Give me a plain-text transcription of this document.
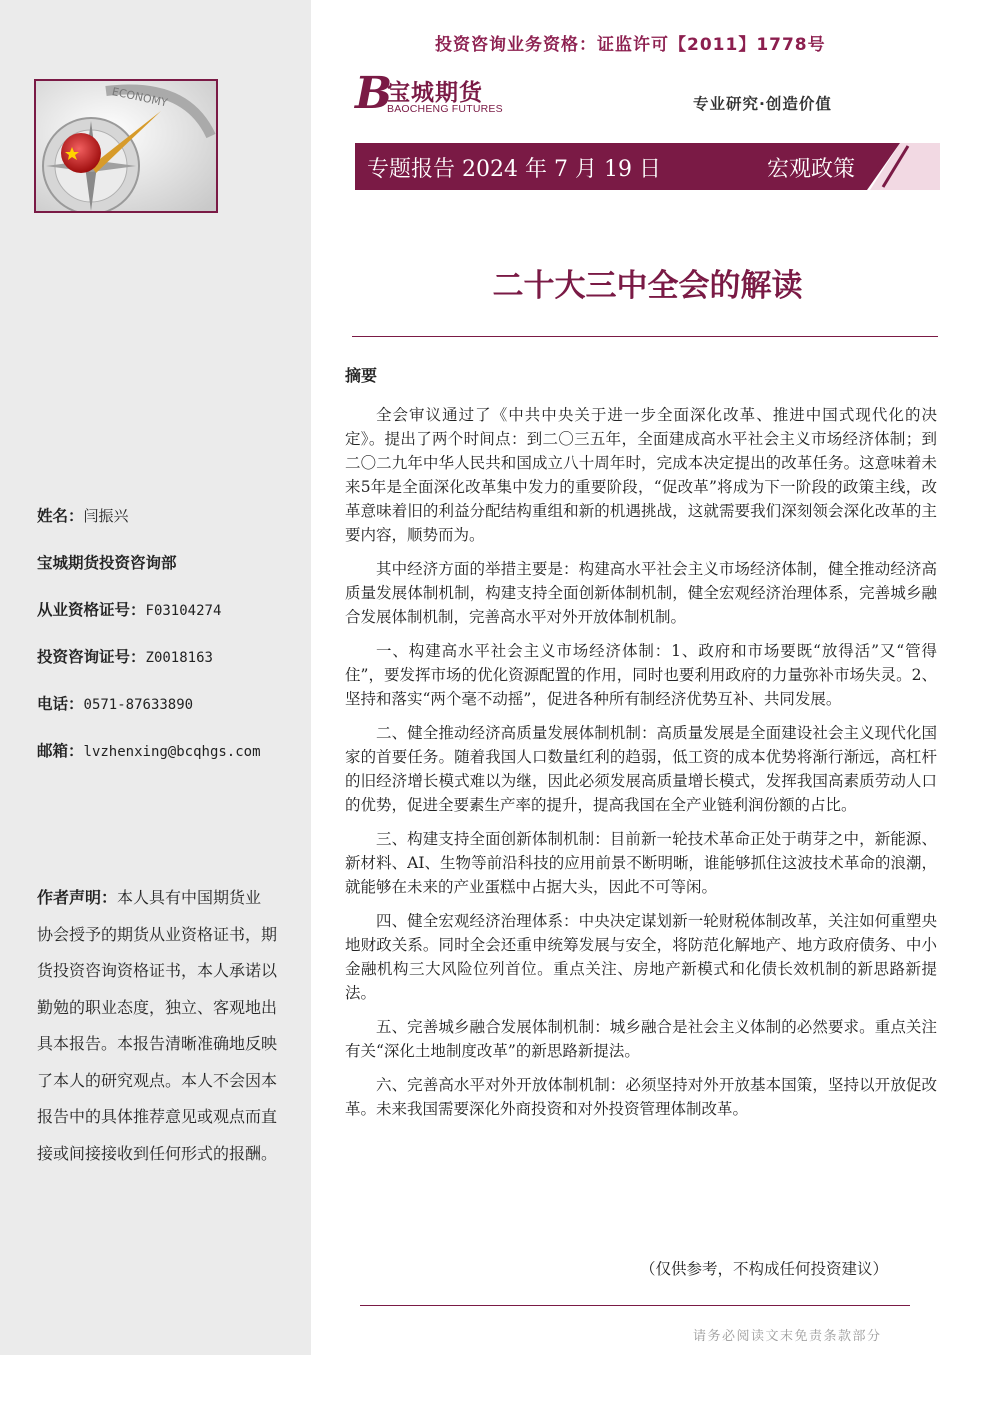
ECONOMY
姓名：闫振兴
宝城期货投资咨询部
从业资格证号：F03104274
投资咨询证号：Z0018163
电话：0571-87633890
邮箱：lvzhenxing@bcqhgs.com
作者声明：本人具有中国期货业协会授予的期货从业资格证书，期货投资咨询资格证书，本人承诺以勤勉的职业态度，独立、客观地出具本报告。本报告清晰准确地反映了本人的研究观点。本人不会因本报告中的具体推荐意见或观点而直接或间接接收到任何形式的报酬。
投资咨询业务资格：证监许可【2011】1778号
B
宝城期货
BAOCHENG FUTURES	专业研究·创造价值
专题报告 2024 年 7 月 19 日	宏观政策
二十大三中全会的解读
摘要

全会审议通过了《中共中央关于进一步全面深化改革、推进中国式现代化的决定》。提出了两个时间点：到二〇三五年，全面建成高水平社会主义市场经济体制；到二〇二九年中华人民共和国成立八十周年时，完成本决定提出的改革任务。这意味着未来5年是全面深化改革集中发力的重要阶段，“促改革”将成为下一阶段的政策主线，改革意味着旧的利益分配结构重组和新的机遇挑战，这就需要我们深刻领会深化改革的主要内容，顺势而为。

其中经济方面的举措主要是：构建高水平社会主义市场经济体制，健全推动经济高质量发展体制机制，构建支持全面创新体制机制，健全宏观经济治理体系，完善城乡融合发展体制机制，完善高水平对外开放体制机制。

一、构建高水平社会主义市场经济体制：1、政府和市场要既“放得活”又“管得住”，要发挥市场的优化资源配置的作用，同时也要利用政府的力量弥补市场失灵。2、坚持和落实“两个毫不动摇”，促进各种所有制经济优势互补、共同发展。

二、健全推动经济高质量发展体制机制：高质量发展是全面建设社会主义现代化国家的首要任务。随着我国人口数量红利的趋弱，低工资的成本优势将渐行渐远，高杠杆的旧经济增长模式难以为继，因此必须发展高质量增长模式，发挥我国高素质劳动人口的优势，促进全要素生产率的提升，提高我国在全产业链利润份额的占比。

三、构建支持全面创新体制机制：目前新一轮技术革命正处于萌芽之中，新能源、新材料、AI、生物等前沿科技的应用前景不断明晰，谁能够抓住这波技术革命的浪潮，就能够在未来的产业蛋糕中占据大头，因此不可等闲。

四、健全宏观经济治理体系：中央决定谋划新一轮财税体制改革，关注如何重塑央地财政关系。同时全会还重申统筹发展与安全，将防范化解地产、地方政府债务、中小金融机构三大风险位列首位。重点关注、房地产新模式和化债长效机制的新思路新提法。

五、完善城乡融合发展体制机制：城乡融合是社会主义体制的必然要求。重点关注有关“深化土地制度改革”的新思路新提法。

六、完善高水平对外开放体制机制：必须坚持对外开放基本国策，坚持以开放促改革。未来我国需要深化外商投资和对外投资管理体制改革。

（仅供参考，不构成任何投资建议）
请务必阅读文末免责条款部分
